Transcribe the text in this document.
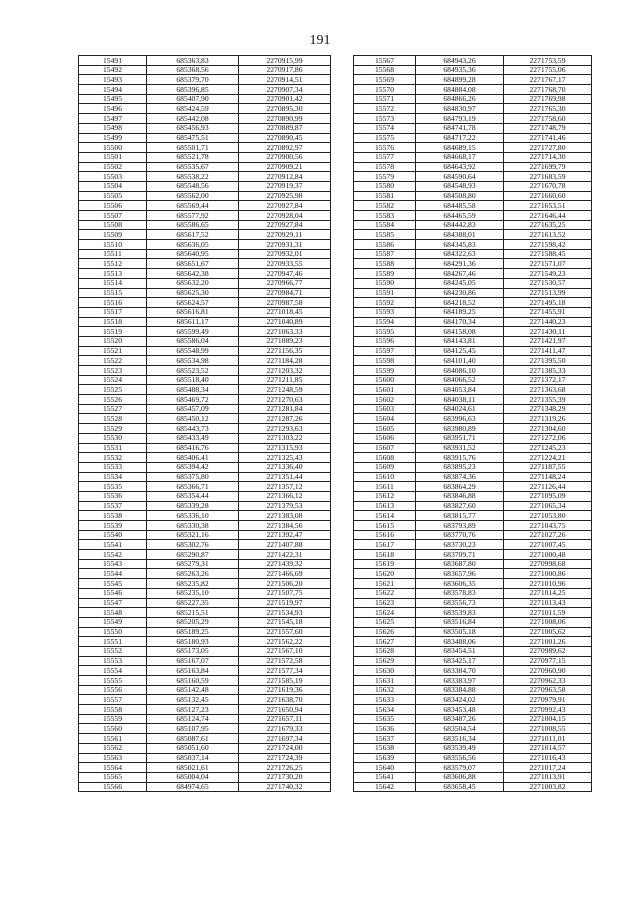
191
15491	685363,83	2270915,99
15492	685368,56	2270917,86
15493	685379,70	2270914,51
15494	685396,85	2270907,34
15495	685407,90	2270901,42
15496	685424,59	2270895,30
15497	685442,08	2270890,99
15498	685456,93	2270889,87
15499	685475,51	2270890,45
15500	685501,71	2270892,97
15501	685521,78	2270900,56
15502	685535,67	2270909,21
15503	685538,22	2270912,84
15504	685548,56	2270919,37
15505	685562,00	2270925,98
15506	685569,44	2270927,84
15507	685577,92	2270928,04
15508	685586,65	2270927,84
15509	685617,52	2270929,11
15510	685636,05	2270931,31
15511	685640,95	2270932,01
15512	685651,67	2270933,55
15513	685642,38	2270947,46
15514	685632,20	2270966,77
15515	685625,30	2270984,71
15516	685624,57	2270987,58
15517	685616,81	2271018,45
15518	685611,17	2271040,89
15519	685599,49	2271063,33
15520	685586,04	2271089,23
15521	685548,99	2271156,35
15522	685534,98	2271184,28
15523	685523,52	2271203,32
15524	685518,40	2271211,85
15525	685488,34	2271248,59
15526	685469,72	2271270,63
15527	685457,09	2271281,84
15528	685450,12	2271287,26
15529	685443,73	2271293,63
15530	685433,49	2271303,22
15531	685416,76	2271315,93
15532	685406,41	2271325,43
15533	685394,42	2271336,40
15534	685375,80	2271351,44
15535	685366,71	2271357,12
15536	685354,44	2271366,12
15537	685339,28	2271379,53
15538	685336,10	2271383,08
15539	685330,38	2271384,56
15540	685321,16	2271392,47
15541	685302,76	2271407,88
15542	685290,87	2271422,31
15543	685279,31	2271439,32
15544	685263,26	2271466,69
15545	685235,82	2271506,20
15546	685235,10	2271507,75
15547	685227,35	2271519,97
15548	685215,51	2271534,93
15549	685205,29	2271545,18
15550	685189,25	2271557,60
15551	685180,93	2271562,22
15552	685173,05	2271567,10
15553	685167,07	2271572,58
15554	685163,84	2271577,34
15555	685160,59	2271585,19
15556	685142,48	2271619,36
15557	685132,45	2271638,70
15558	685127,23	2271650,94
15559	685124,74	2271657,11
15560	685107,95	2271679,33
15561	685087,61	2271697,34
15562	685051,60	2271724,00
15563	685037,14	2271724,39
15564	685021,61	2271726,25
15565	685004,04	2271730,20
15566	684974,65	2271740,32
15567	684943,26	2271753,59
15568	684935,36	2271755,06
15569	684899,28	2271767,17
15570	684884,08	2271768,70
15571	684866,26	2271769,98
15572	684830,97	2271765,30
15573	684793,19	2271758,60
15574	684741,78	2271748,79
15575	684717,22	2271741,46
15576	684689,15	2271727,80
15577	684668,17	2271714,30
15578	684643,92	2271699,79
15579	684590,64	2271683,59
15580	684548,93	2271670,78
15581	684508,80	2271660,60
15582	684485,58	2271653,51
15583	684465,59	2271646,44
15584	684442,83	2271635,25
15585	684388,01	2271613,52
15586	684345,83	2271598,42
15587	684322,63	2271588,45
15588	684291,36	2271571,07
15589	684267,46	2271549,23
15590	684245,05	2271530,57
15591	684230,86	2271513,99
15592	684218,52	2271495,18
15593	684189,25	2271455,91
15594	684170,34	2271440,23
15595	684158,08	2271430,11
15596	684143,81	2271421,97
15597	684125,45	2271411,47
15598	684101,40	2271395,50
15599	684086,10	2271385,33
15600	684066,52	2271372,17
15601	684053,84	2271363,68
15602	684038,11	2271355,39
15603	684024,61	2271348,29
15604	683996,63	2271319,26
15605	683980,89	2271304,60
15606	683951,71	2271272,06
15607	683931,52	2271245,23
15608	683915,76	2271224,21
15609	683895,23	2271187,55
15610	683874,36	2271148,24
15611	683864,29	2271126,44
15612	683846,88	2271095,09
15613	683827,60	2271065,34
15614	683815,77	2271053,80
15615	683793,89	2271043,75
15616	683770,76	2271027,26
15617	683730,23	2271007,45
15618	683709,71	2271000,48
15619	683687,80	2270998,68
15620	683657,96	2271000,86
15621	683606,35	2271010,96
15622	683578,83	2271014,25
15623	683556,73	2271013,43
15624	683539,83	2271011,59
15625	683516,84	2271008,06
15626	683505,18	2271005,62
15627	683488,06	2271001,26
15628	683454,51	2270989,62
15629	683425,17	2270977,15
15630	683384,70	2270960,90
15631	683383,97	2270962,33
15632	683384,88	2270963,58
15633	683424,02	2270979,91
15634	683453,48	2270992,43
15635	683487,26	2271004,15
15636	683504,54	2271008,55
15637	683516,34	2271011,01
15638	683539,49	2271014,57
15639	683556,56	2271016,43
15640	683579,07	2271017,24
15641	683606,88	2271013,91
15642	683658,45	2271003,82
